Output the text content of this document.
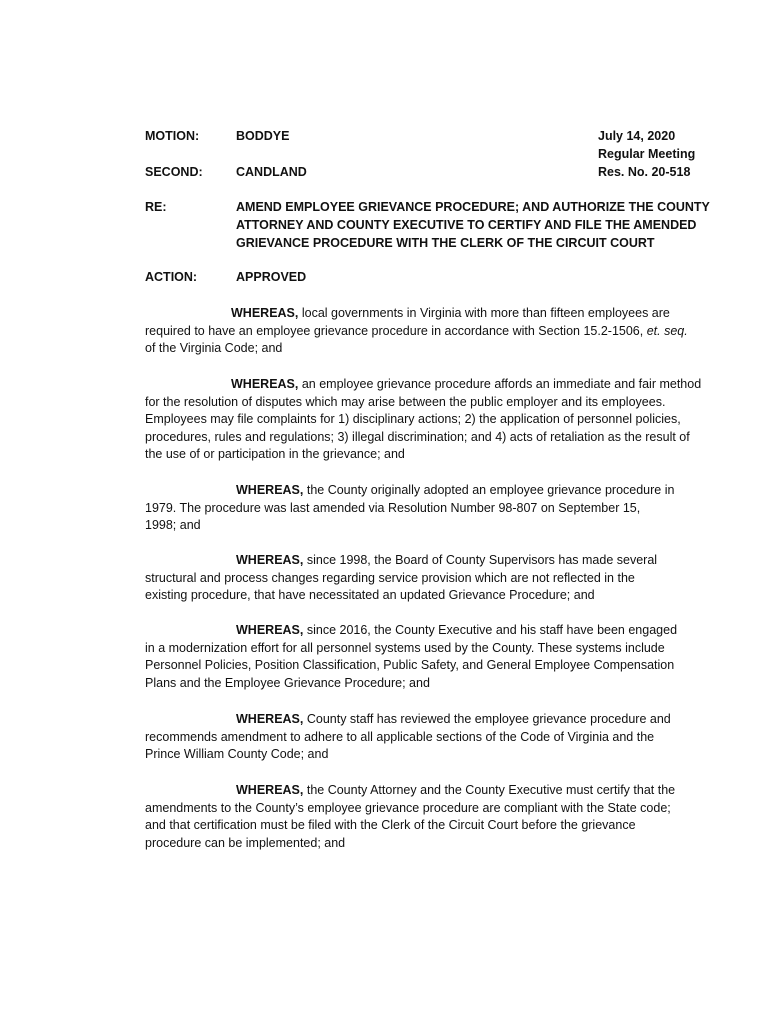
MOTION:	BODDYE	July 14, 2020
Regular Meeting
SECOND:	CANDLAND	Res. No. 20-518
RE:	AMEND EMPLOYEE GRIEVANCE PROCEDURE; AND AUTHORIZE THE COUNTY
ATTORNEY AND COUNTY EXECUTIVE TO CERTIFY AND FILE THE AMENDED
GRIEVANCE PROCEDURE WITH THE CLERK OF THE CIRCUIT COURT
ACTION:	APPROVED
WHEREAS, local governments in Virginia with more than fifteen employees are
required to have an employee grievance procedure in accordance with Section 15.2-1506, et. seq.
of the Virginia Code; and
WHEREAS, an employee grievance procedure affords an immediate and fair method
for the resolution of disputes which may arise between the public employer and its employees.
Employees may file complaints for 1) disciplinary actions; 2) the application of personnel policies,
procedures, rules and regulations; 3) illegal discrimination; and 4) acts of retaliation as the result of
the use of or participation in the grievance; and
WHEREAS, the County originally adopted an employee grievance procedure in
1979. The procedure was last amended via Resolution Number 98-807 on September 15,
1998; and
WHEREAS, since 1998, the Board of County Supervisors has made several
structural and process changes regarding service provision which are not reflected in the
existing procedure, that have necessitated an updated Grievance Procedure; and
WHEREAS, since 2016, the County Executive and his staff have been engaged
in a modernization effort for all personnel systems used by the County. These systems include
Personnel Policies, Position Classification, Public Safety, and General Employee Compensation
Plans and the Employee Grievance Procedure; and
WHEREAS, County staff has reviewed the employee grievance procedure and
recommends amendment to adhere to all applicable sections of the Code of Virginia and the
Prince William County Code; and
WHEREAS, the County Attorney and the County Executive must certify that the
amendments to the County’s employee grievance procedure are compliant with the State code;
and that certification must be filed with the Clerk of the Circuit Court before the grievance
procedure can be implemented; and
